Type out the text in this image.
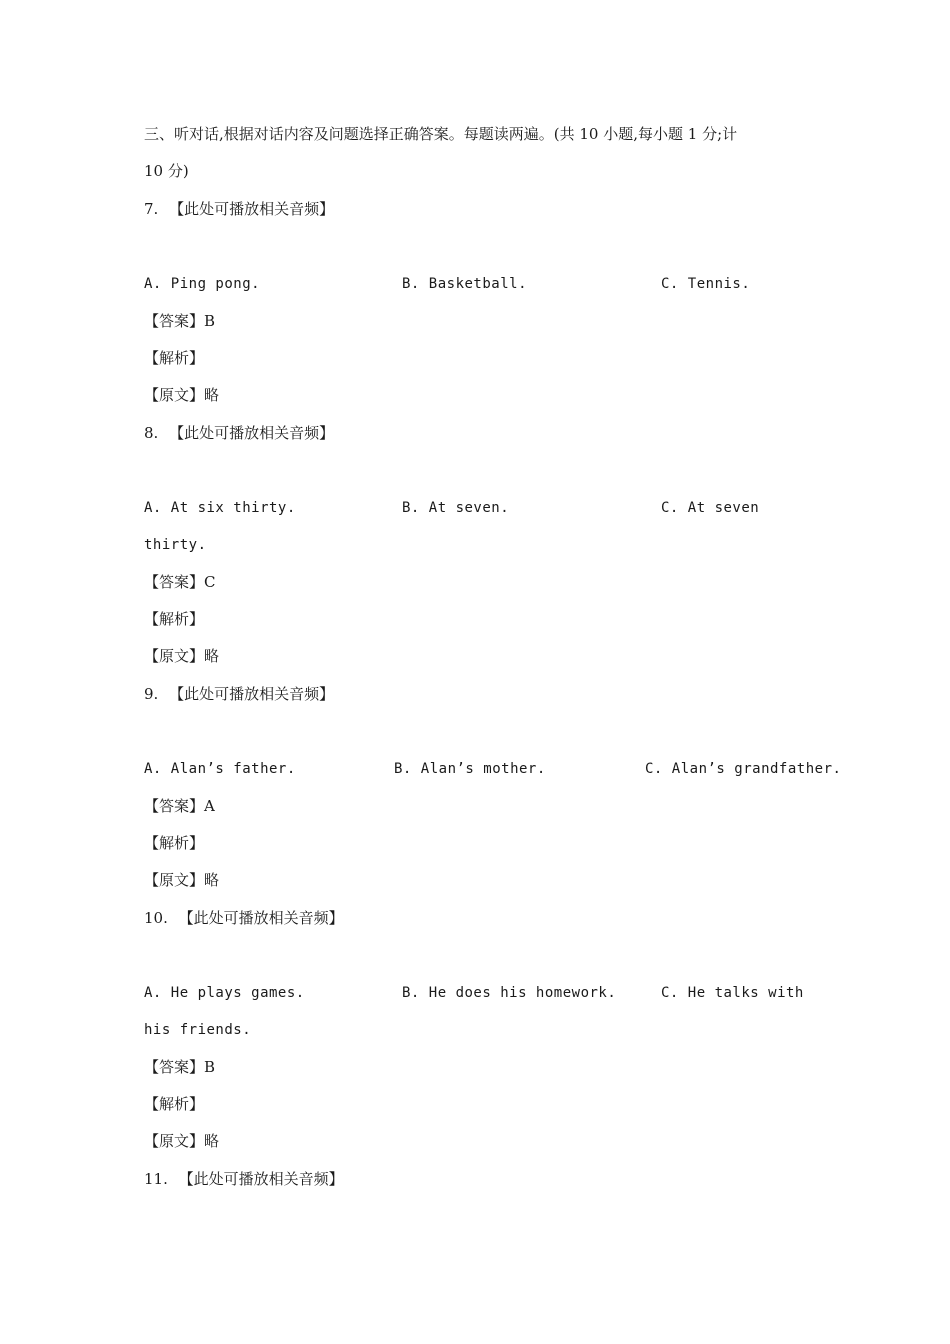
三、听对话,根据对话内容及问题选择正确答案。每题读两遍。(共 10 小题,每小题 1 分;计
10 分)
7. 【此处可播放相关音频】
A. Ping pong.	B. Basketball.	C. Tennis.
【答案】B
【解析】
【原文】略
8. 【此处可播放相关音频】
A. At six thirty.	B. At seven.	C. At seven
thirty.
【答案】C
【解析】
【原文】略
9. 【此处可播放相关音频】
A. Alan’s father.	B. Alan’s mother.	C. Alan’s grandfather.
【答案】A
【解析】
【原文】略
10. 【此处可播放相关音频】
A. He plays games.	B. He does his homework.	C. He talks with
his friends.
【答案】B
【解析】
【原文】略
11. 【此处可播放相关音频】
